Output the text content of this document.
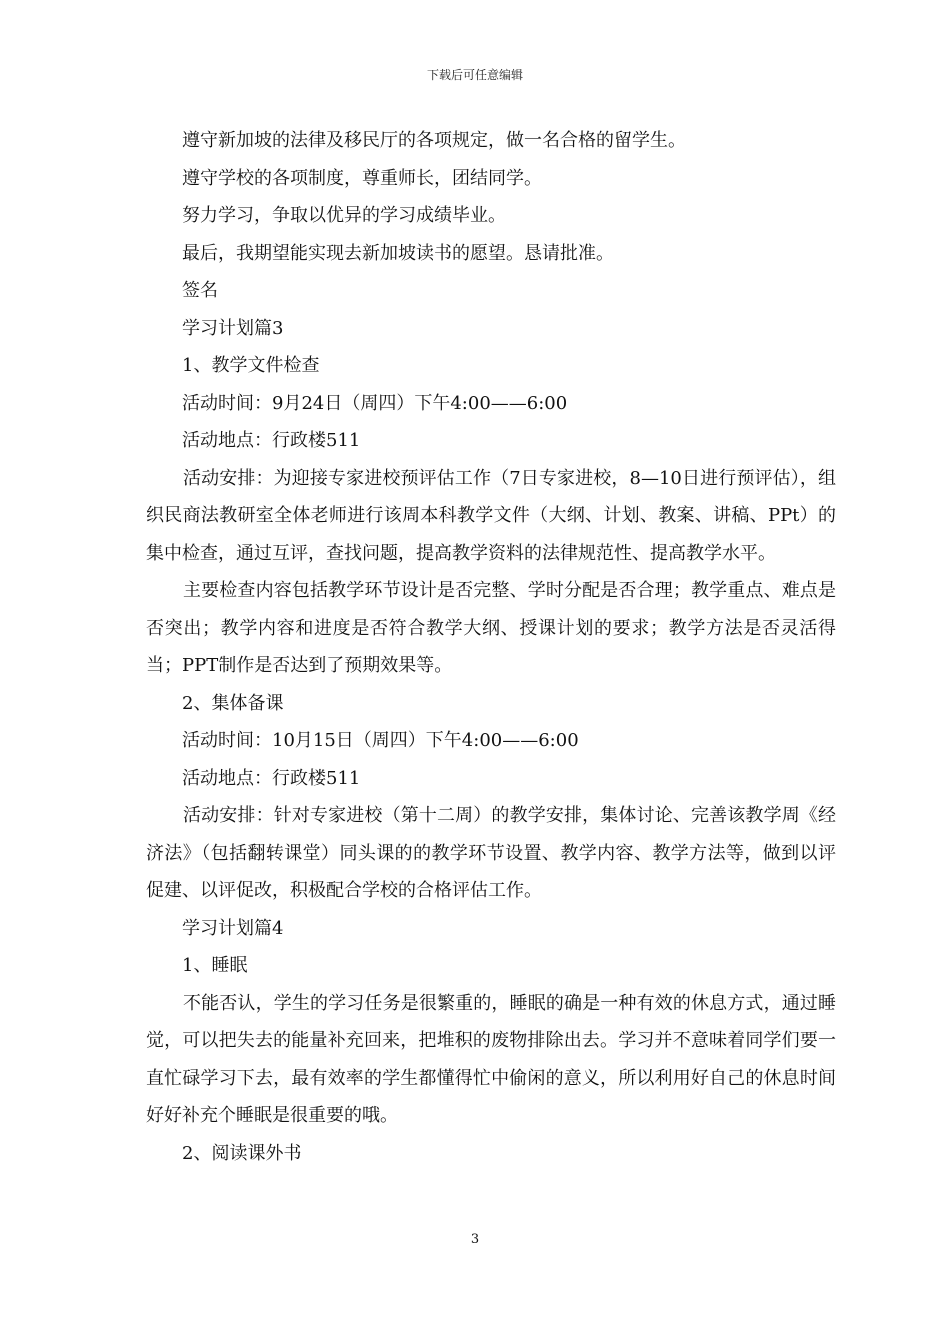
下载后可任意编辑

遵守新加坡的法律及移民厅的各项规定，做一名合格的留学生。

遵守学校的各项制度，尊重师长，团结同学。

努力学习，争取以优异的学习成绩毕业。

最后，我期望能实现去新加坡读书的愿望。恳请批准。

签名

学习计划篇3

1、教学文件检查

活动时间：9月24日（周四）下午4:00——6:00

活动地点：行政楼511

活动安排：为迎接专家进校预评估工作（7日专家进校，8—10日进行预评估），组织民商法教研室全体老师进行该周本科教学文件（大纲、计划、教案、讲稿、PPt）的集中检查，通过互评，查找问题，提高教学资料的法律规范性、提高教学水平。

主要检查内容包括教学环节设计是否完整、学时分配是否合理；教学重点、难点是否突出；教学内容和进度是否符合教学大纲、授课计划的要求；教学方法是否灵活得当；PPT制作是否达到了预期效果等。

2、集体备课

活动时间：10月15日（周四）下午4:00——6:00

活动地点：行政楼511

活动安排：针对专家进校（第十二周）的教学安排，集体讨论、完善该教学周《经济法》（包括翻转课堂）同头课的的教学环节设置、教学内容、教学方法等，做到以评促建、以评促改，积极配合学校的合格评估工作。

学习计划篇4

1、睡眠

不能否认，学生的学习任务是很繁重的，睡眠的确是一种有效的休息方式，通过睡觉，可以把失去的能量补充回来，把堆积的废物排除出去。学习并不意味着同学们要一直忙碌学习下去，最有效率的学生都懂得忙中偷闲的意义，所以利用好自己的休息时间好好补充个睡眠是很重要的哦。

2、阅读课外书

3
